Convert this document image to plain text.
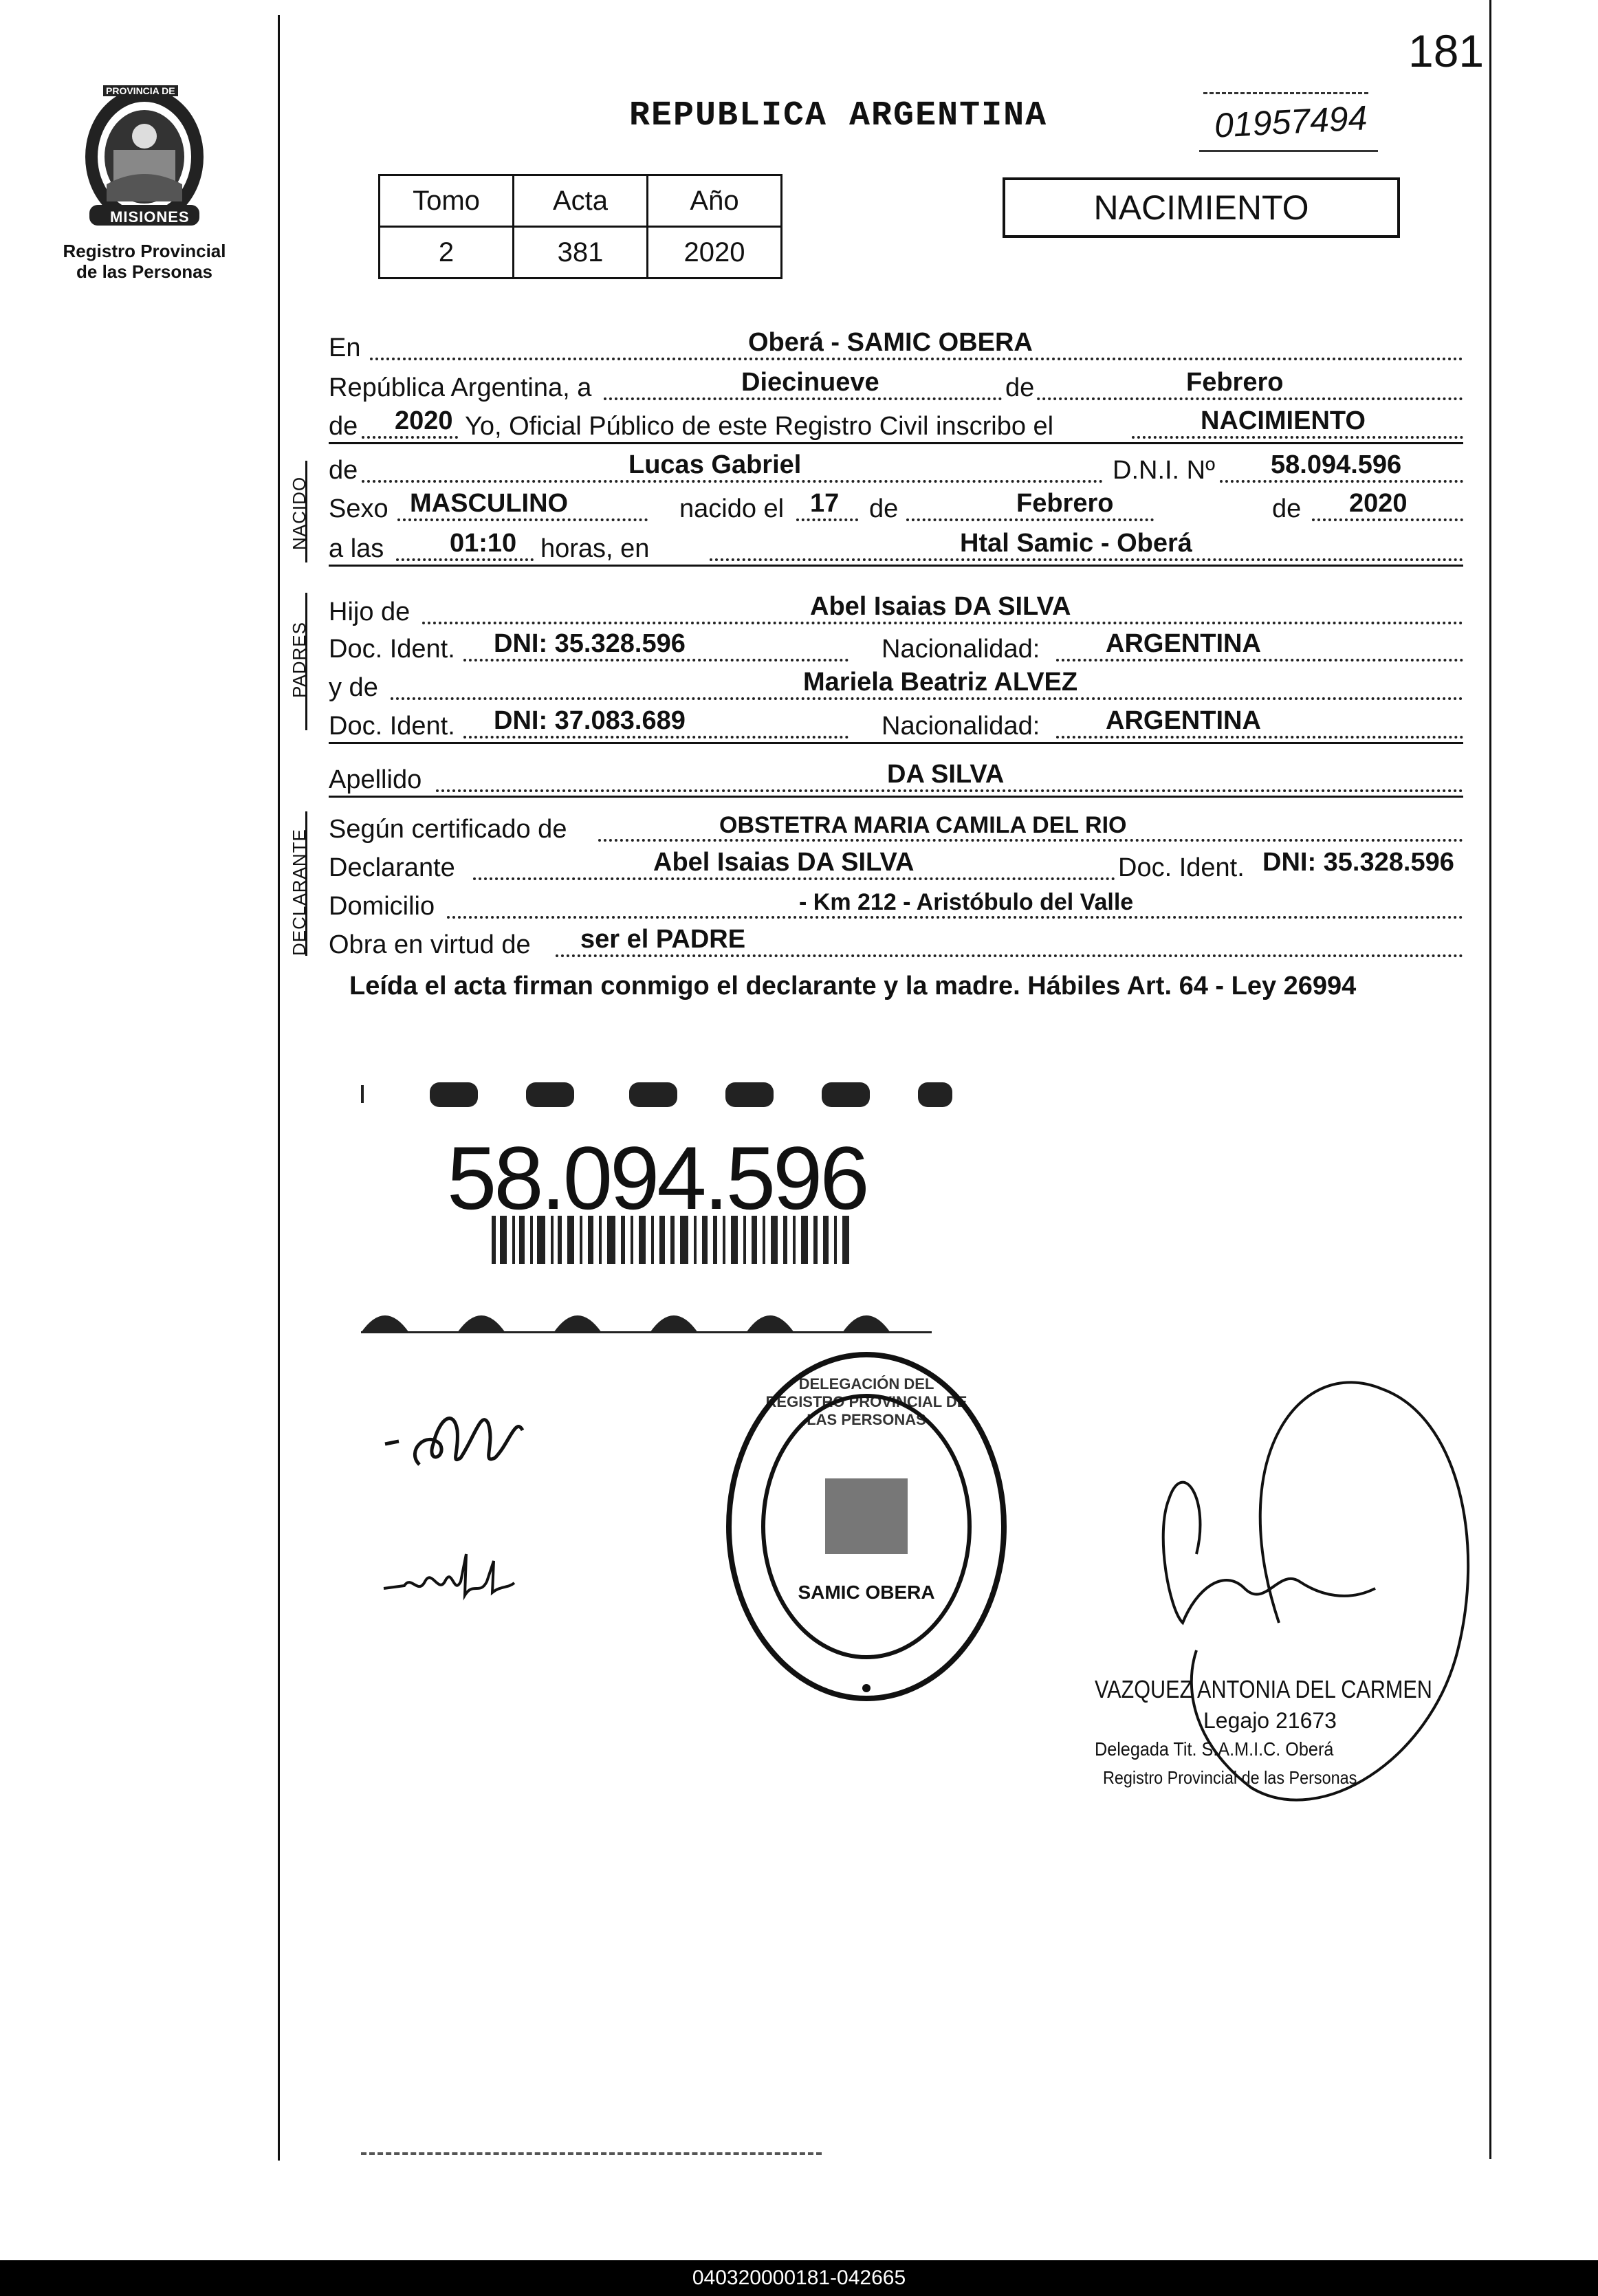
181
PROVINCIA DE
MISIONES
Registro Provincial
de las Personas
REPUBLICA ARGENTINA	01957494
Tomo	Acta	Año
2	381	2020
NACIMIENTO
NACIDO
PADRES
DECLARANTE
En	Oberá - SAMIC OBERA
República Argentina, a	Diecinueve	de	Febrero
de 2020 Yo, Oficial Público de este Registro Civil inscribo el	NACIMIENTO
de	Lucas Gabriel	D.N.I. Nº 58.094.596
Sexo MASCULINO	nacido el 17 de	Febrero	de 2020
a las	01:10 horas, en	Htal Samic - Oberá
Hijo de	Abel Isaias DA SILVA
Doc. Ident. DNI: 35.328.596	Nacionalidad:	ARGENTINA
y de	Mariela Beatriz ALVEZ
Doc. Ident. DNI: 37.083.689	Nacionalidad:	ARGENTINA
Apellido	DA SILVA
Según certificado de	OBSTETRA MARIA CAMILA DEL RIO
Declarante	Abel Isaias DA SILVA	Doc. Ident. DNI: 35.328.596
Domicilio	- Km 212 - Aristóbulo del Valle
Obra en virtud de ser el PADRE
Leída el acta firman conmigo el declarante y la madre. Hábiles Art. 64 - Ley 26994
58.094.596
DELEGACIÓN DEL REGISTRO PROVINCIAL DE LAS PERSONAS
SAMIC OBERA
VAZQUEZ ANTONIA DEL CARMEN
Legajo 21673
Delegada Tit. S.A.M.I.C. Oberá
Registro Provincial de las Personas
040320000181-042665
